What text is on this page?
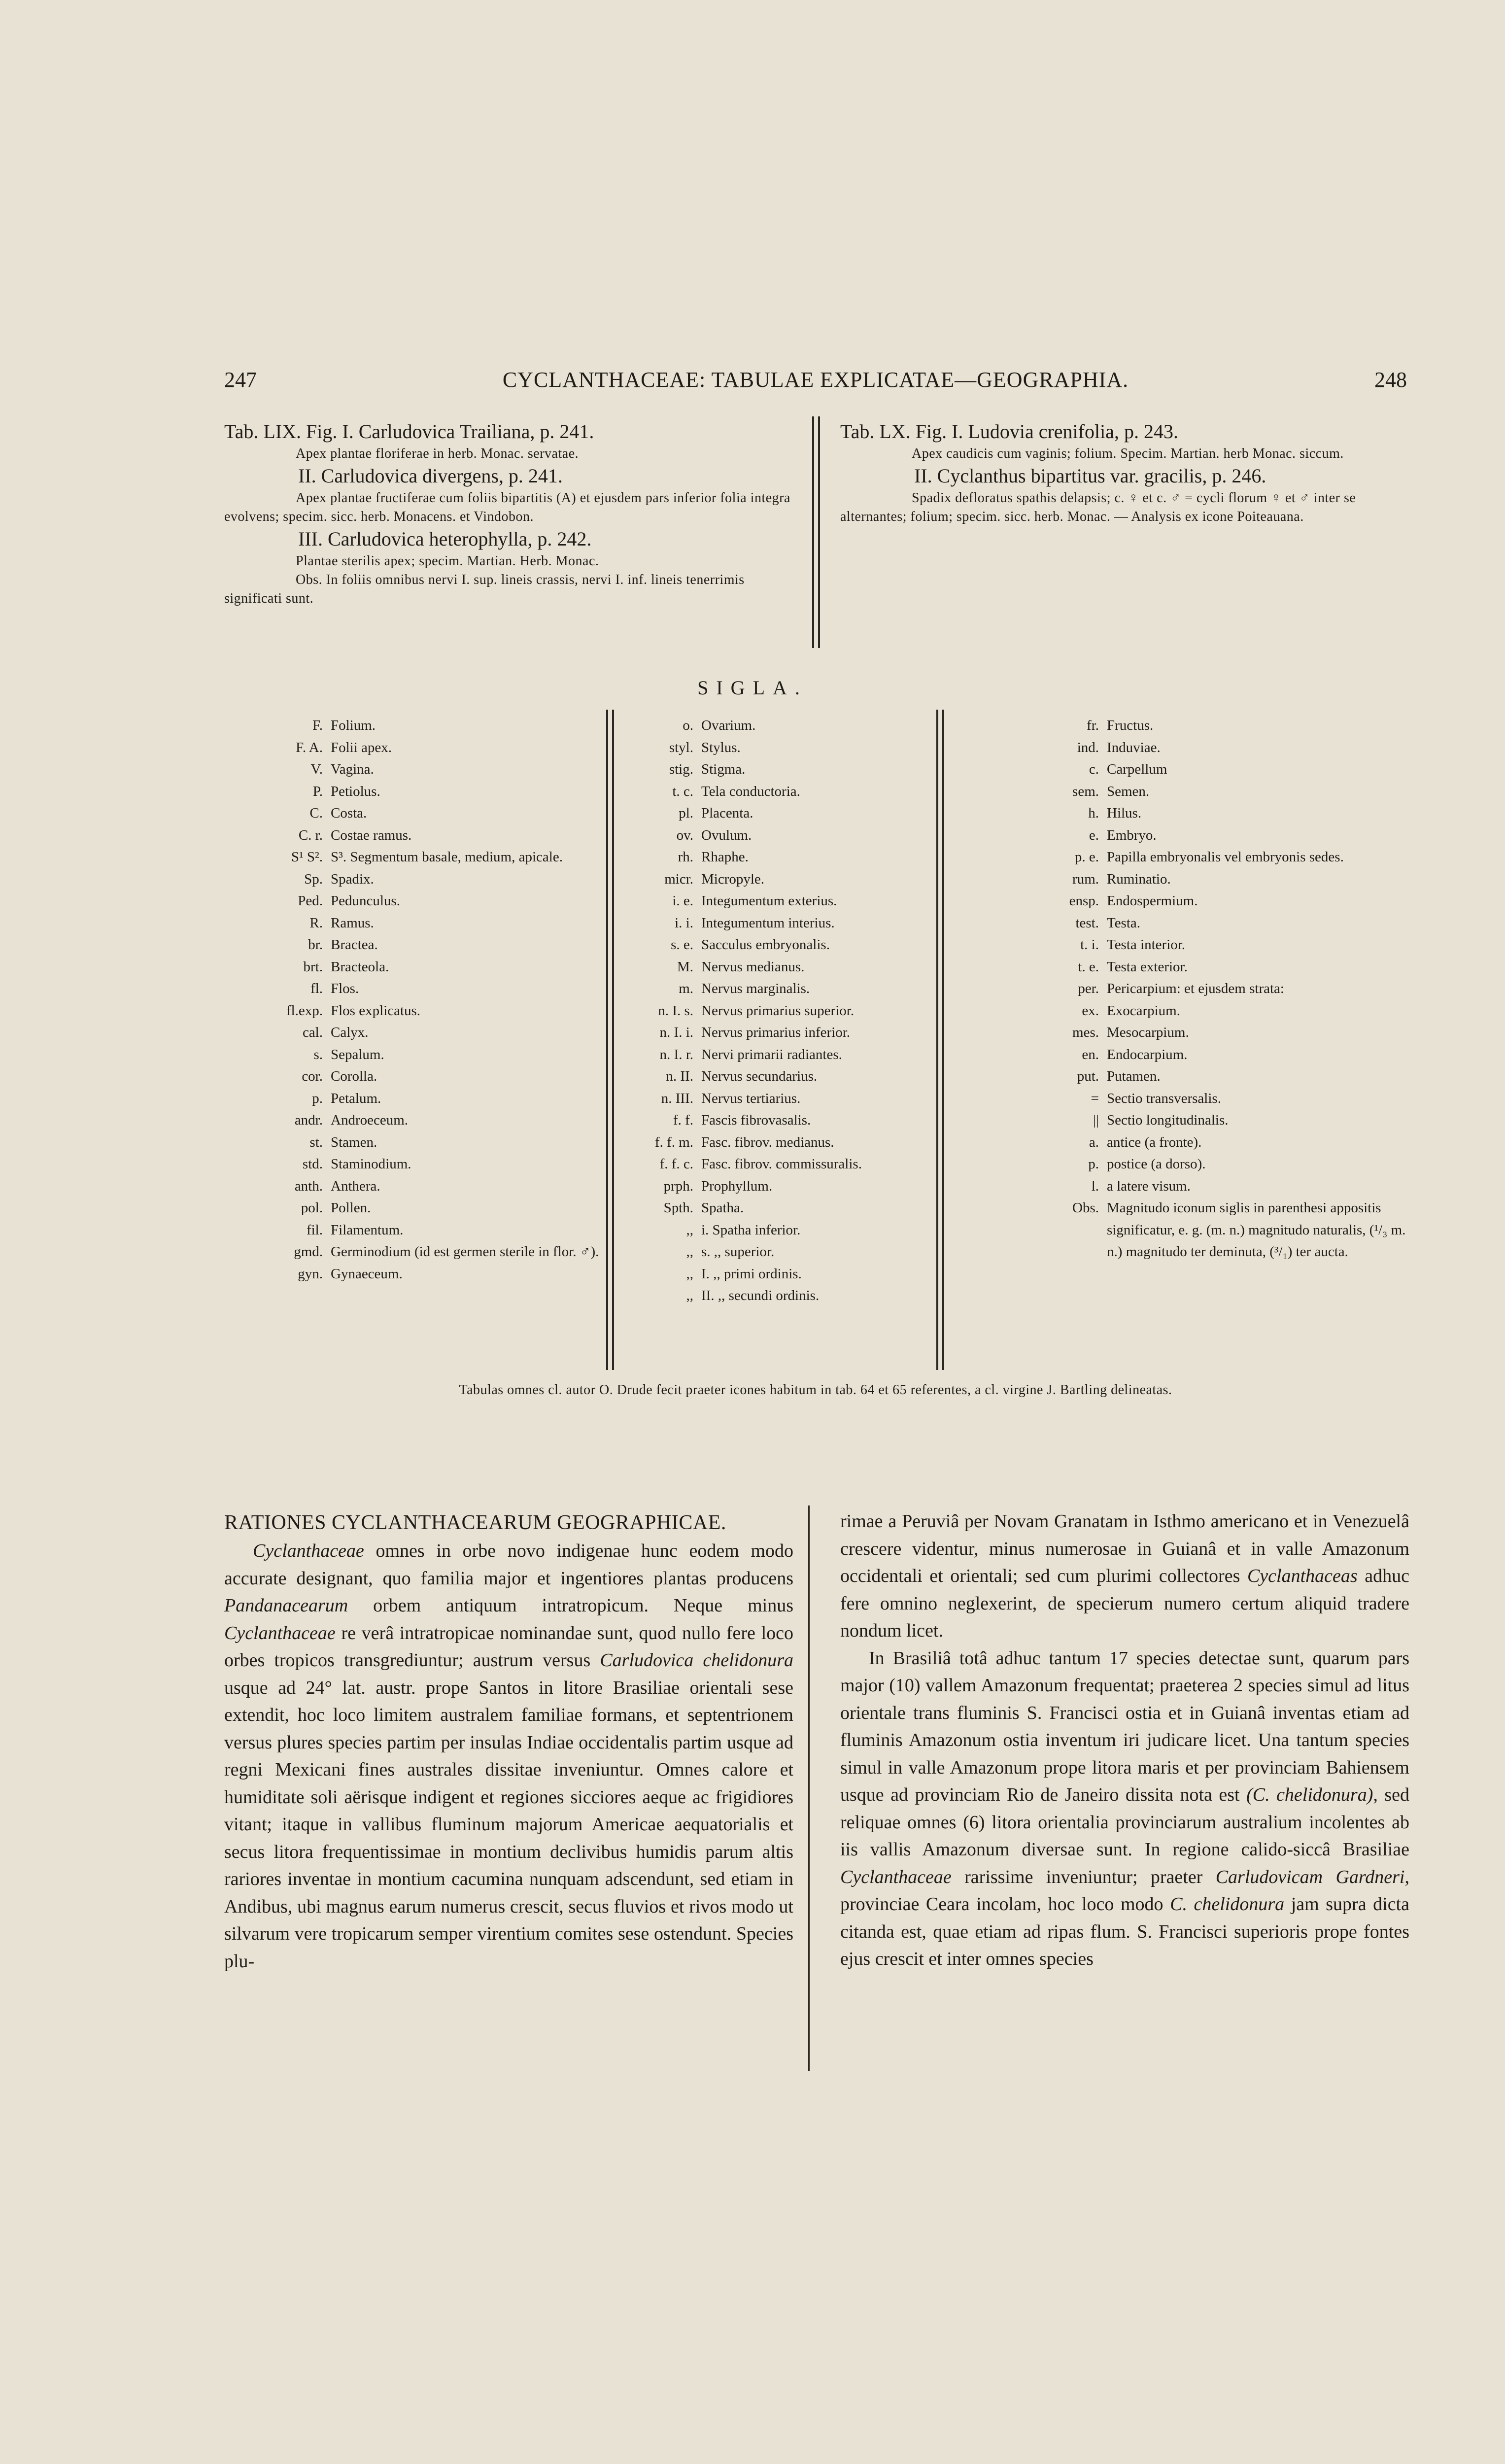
247	CYCLANTHACEAE: TABULAE EXPLICATAE—GEOGRAPHIA.	248
Tab. LIX. Fig. I. Carludovica Trailiana, p. 241.
Apex plantae floriferae in herb. Monac. servatae.
II. Carludovica divergens, p. 241.
Apex plantae fructiferae cum foliis bipartitis (A) et ejusdem pars inferior folia integra evolvens; specim. sicc. herb. Monacens. et Vindobon.
III. Carludovica heterophylla, p. 242.
Plantae sterilis apex; specim. Martian. Herb. Monac.
Obs. In foliis omnibus nervi I. sup. lineis crassis, nervi I. inf. lineis tenerrimis significati sunt.
Tab. LX. Fig. I. Ludovia crenifolia, p. 243.
Apex caudicis cum vaginis; folium. Specim. Martian. herb Monac. siccum.
II. Cyclanthus bipartitus var. gracilis, p. 246.
Spadix defloratus spathis delapsis; c. ♀ et c. ♂ = cycli florum ♀ et ♂ inter se alternantes; folium; specim. sicc. herb. Monac. — Analysis ex icone Poiteauana.
SIGLA.
F. Folium.
F. A. Folii apex.
V. Vagina.
P. Petiolus.
C. Costa.
C. r. Costae ramus.
S¹ S². S³. Segmentum basale, medium, apicale.
Sp. Spadix.
Ped. Pedunculus.
R. Ramus.
br. Bractea.
brt. Bracteola.
fl. Flos.
fl.exp. Flos explicatus.
cal. Calyx.
s. Sepalum.
cor. Corolla.
p. Petalum.
andr. Androeceum.
st. Stamen.
std. Staminodium.
anth. Anthera.
pol. Pollen.
fil. Filamentum.
gmd. Germinodium (id est germen sterile in flor. ♂).
gyn. Gynaeceum.
o. Ovarium.
styl. Stylus.
stig. Stigma.
t. c. Tela conductoria.
pl. Placenta.
ov. Ovulum.
rh. Rhaphe.
micr. Micropyle.
i. e. Integumentum exterius.
i. i. Integumentum interius.
s. e. Sacculus embryonalis.
M. Nervus medianus.
m. Nervus marginalis.
n. I. s. Nervus primarius superior.
n. I. i. Nervus primarius inferior.
n. I. r. Nervi primarii radiantes.
n. II. Nervus secundarius.
n. III. Nervus tertiarius.
f. f. Fascis fibrovasalis.
f. f. m. Fasc. fibrov. medianus.
f. f. c. Fasc. fibrov. commissuralis.
prph. Prophyllum.
Spth. Spatha.
,, i. Spatha inferior.
,, s. ,, superior.
,, I. ,, primi ordinis.
,, II. ,, secundi ordinis.
fr. Fructus.
ind. Induviae.
c. Carpellum
sem. Semen.
h. Hilus.
e. Embryo.
p. e. Papilla embryonalis vel embryonis sedes.
rum. Ruminatio.
ensp. Endospermium.
test. Testa.
t. i. Testa interior.
t. e. Testa exterior.
per. Pericarpium: et ejusdem strata:
ex. Exocarpium.
mes. Mesocarpium.
en. Endocarpium.
put. Putamen.
= Sectio transversalis.
|| Sectio longitudinalis.
a. antice (a fronte).
p. postice (a dorso).
l. a latere visum.
Obs. Magnitudo iconum siglis in parenthesi appositis significatur, e. g. (m. n.) magnitudo naturalis, (¹/₃ m. n.) magnitudo ter deminuta, (³/₁) ter aucta.
Tabulas omnes cl. autor O. Drude fecit praeter icones habitum in tab. 64 et 65 referentes, a cl. virgine J. Bartling delineatas.
RATIONES CYCLANTHACEARUM GEOGRAPHICAE.

Cyclanthaceae omnes in orbe novo indigenae hunc eodem modo accurate designant, quo familia major et ingentiores plantas producens Pandanacearum orbem antiquum intratropicum. Neque minus Cyclanthaceae re verâ intratropicae nominandae sunt, quod nullo fere loco orbes tropicos transgrediuntur; austrum versus Carludovica chelidonura usque ad 24° lat. austr. prope Santos in litore Brasiliae orientali sese extendit, hoc loco limitem australem familiae formans, et septentrionem versus plures species partim per insulas Indiae occidentalis partim usque ad regni Mexicani fines australes dissitae inveniuntur. Omnes calore et humiditate soli aërisque indigent et regiones sicciores aeque ac frigidiores vitant; itaque in vallibus fluminum majorum Americae aequatorialis et secus litora frequentissimae in montium declivibus humidis parum altis rariores inventae in montium cacumina nunquam adscendunt, sed etiam in Andibus, ubi magnus earum numerus crescit, secus fluvios et rivos modo ut silvarum vere tropicarum semper virentium comites sese ostendunt. Species plu-

rimae a Peruviâ per Novam Granatam in Isthmo americano et in Venezuelâ crescere videntur, minus numerosae in Guianâ et in valle Amazonum occidentali et orientali; sed cum plurimi collectores Cyclanthaceas adhuc fere omnino neglexerint, de specierum numero certum aliquid tradere nondum licet.

In Brasiliâ totâ adhuc tantum 17 species detectae sunt, quarum pars major (10) vallem Amazonum frequentat; praeterea 2 species simul ad litus orientale trans fluminis S. Francisci ostia et in Guianâ inventas etiam ad fluminis Amazonum ostia inventum iri judicare licet. Una tantum species simul in valle Amazonum prope litora maris et per provinciam Bahiensem usque ad provinciam Rio de Janeiro dissita nota est (C. chelidonura), sed reliquae omnes (6) litora orientalia provinciarum australium incolentes ab iis vallis Amazonum diversae sunt. In regione calido-siccâ Brasiliae Cyclanthaceae rarissime inveniuntur; praeter Carludovicam Gardneri, provinciae Ceara incolam, hoc loco modo C. chelidonura jam supra dicta citanda est, quae etiam ad ripas flum. S. Francisci superioris prope fontes ejus crescit et inter omnes species
